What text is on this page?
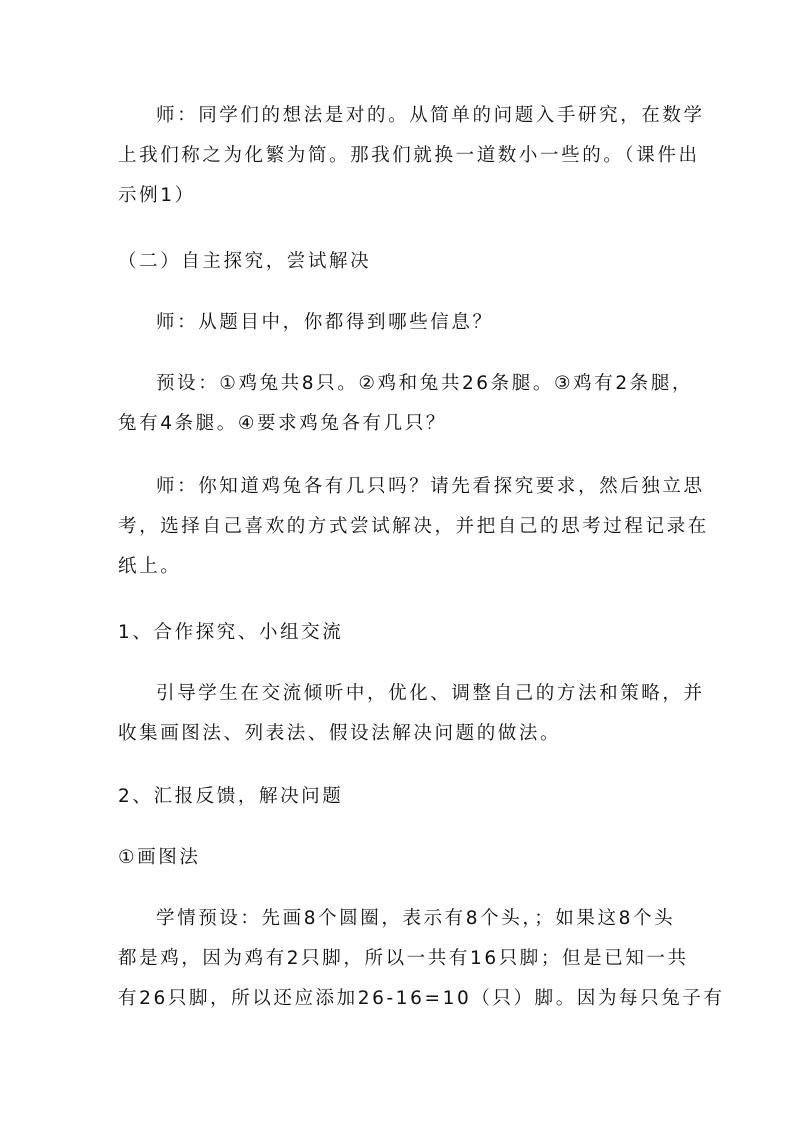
师：同学们的想法是对的。从简单的问题入手研究，在数学
上我们称之为化繁为简。那我们就换一道数小一些的。（课件出
示例1）

（二）自主探究，尝试解决

师：从题目中，你都得到哪些信息？

预设：①鸡兔共8只。②鸡和兔共26条腿。③鸡有2条腿，
兔有4条腿。④要求鸡兔各有几只？

师：你知道鸡兔各有几只吗？请先看探究要求，然后独立思
考，选择自己喜欢的方式尝试解决，并把自己的思考过程记录在
纸上。

1、合作探究、小组交流

引导学生在交流倾听中，优化、调整自己的方法和策略，并
收集画图法、列表法、假设法解决问题的做法。

2、汇报反馈，解决问题

①画图法

学情预设：先画8个圆圈，表示有8个头，；如果这8个头
都是鸡，因为鸡有2只脚，所以一共有16只脚；但是已知一共
有26只脚，所以还应添加26-16=10（只）脚。因为每只兔子有
